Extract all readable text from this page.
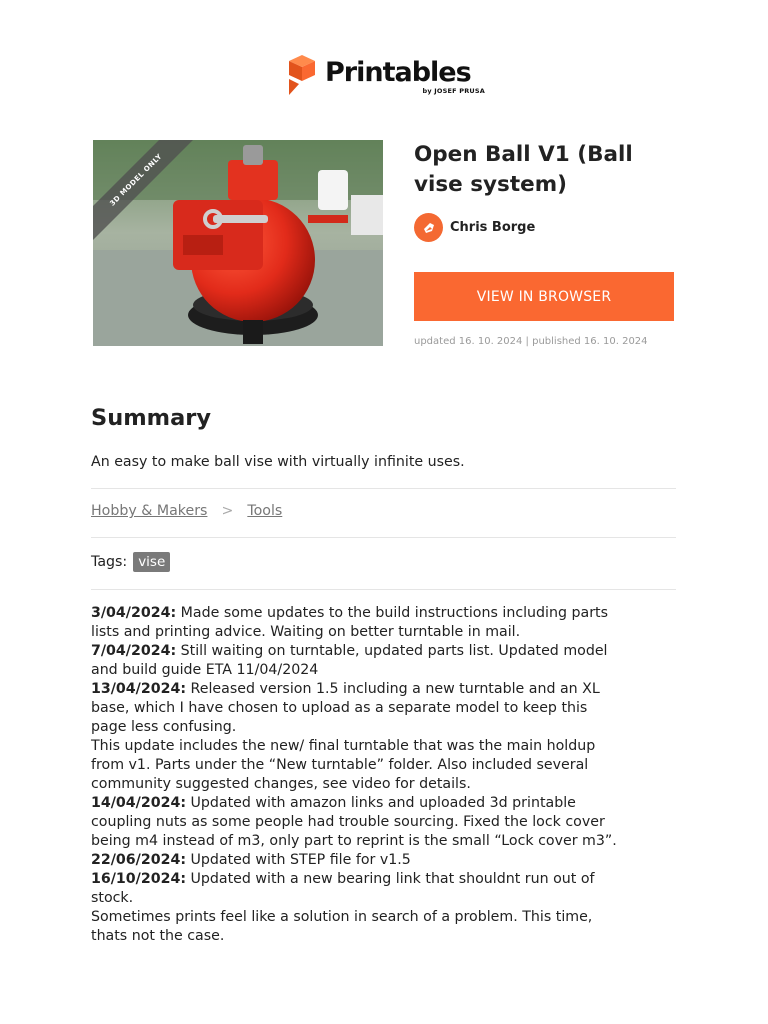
Printables
by JOSEF PRUSA
3D MODEL ONLY	Open Ball V1 (Ball
vise system)
Chris Borge
VIEW IN BROWSER
updated 16. 10. 2024 | published 16. 10. 2024
Summary
An easy to make ball vise with virtually infinite uses.
Hobby & Makers > Tools
Tags: vise
3/04/2024: Made some updates to the build instructions including parts
lists and printing advice. Waiting on better turntable in mail.
7/04/2024: Still waiting on turntable, updated parts list. Updated model
and build guide ETA 11/04/2024
13/04/2024: Released version 1.5 including a new turntable and an XL
base, which I have chosen to upload as a separate model to keep this
page less confusing.
This update includes the new/ final turntable that was the main holdup
from v1. Parts under the “New turntable” folder. Also included several
community suggested changes, see video for details.
14/04/2024: Updated with amazon links and uploaded 3d printable
coupling nuts as some people had trouble sourcing. Fixed the lock cover
being m4 instead of m3, only part to reprint is the small “Lock cover m3”.
22/06/2024: Updated with STEP file for v1.5
16/10/2024: Updated with a new bearing link that shouldnt run out of
stock.
Sometimes prints feel like a solution in search of a problem. This time,
thats not the case.
